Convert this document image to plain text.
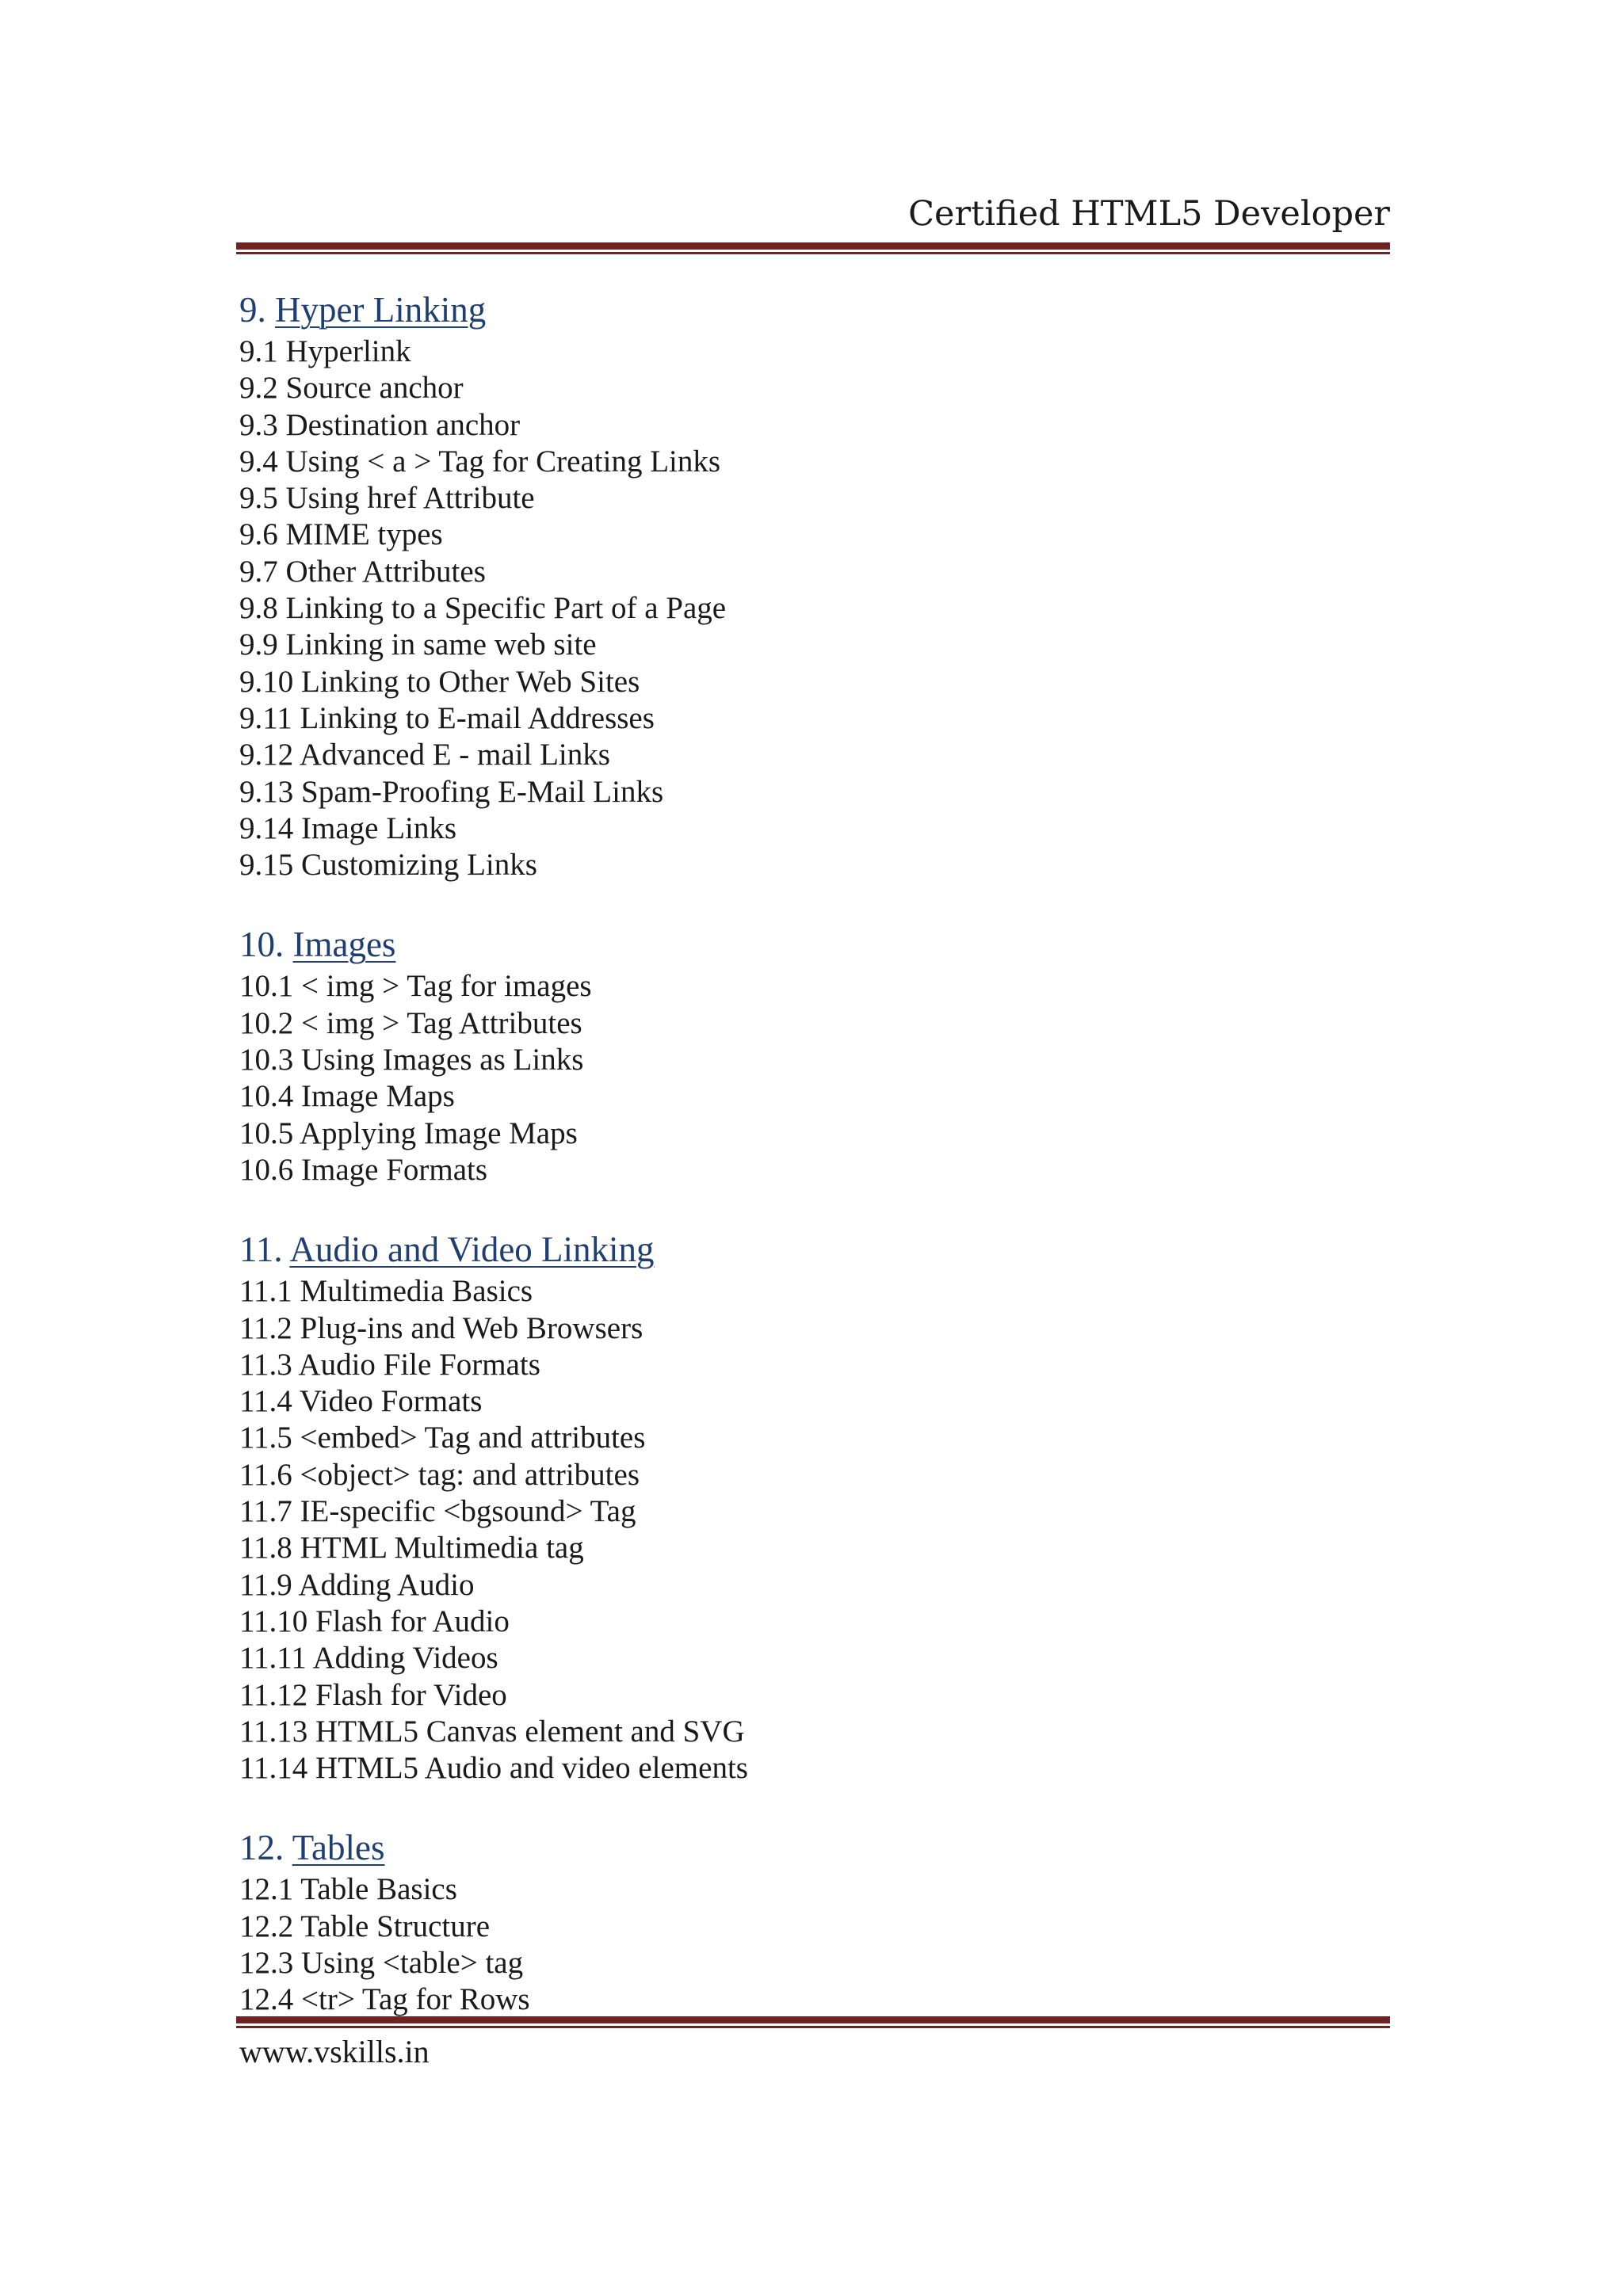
Certified HTML5 Developer
9. Hyper Linking
9.1 Hyperlink
9.2 Source anchor
9.3 Destination anchor
9.4 Using < a > Tag for Creating Links
9.5 Using href Attribute
9.6 MIME types
9.7 Other Attributes
9.8 Linking to a Specific Part of a Page
9.9 Linking in same web site
9.10 Linking to Other Web Sites
9.11 Linking to E-mail Addresses
9.12 Advanced E - mail Links
9.13 Spam-Proofing E-Mail Links
9.14 Image Links
9.15 Customizing Links
10. Images
10.1 < img > Tag for images
10.2 < img > Tag Attributes
10.3 Using Images as Links
10.4 Image Maps
10.5 Applying Image Maps
10.6 Image Formats
11. Audio and Video Linking
11.1 Multimedia Basics
11.2 Plug-ins and Web Browsers
11.3 Audio File Formats
11.4 Video Formats
11.5 <embed> Tag and attributes
11.6 <object> tag: and attributes
11.7 IE-specific <bgsound> Tag
11.8 HTML Multimedia tag
11.9 Adding Audio
11.10 Flash for Audio
11.11 Adding Videos
11.12 Flash for Video
11.13 HTML5 Canvas element and SVG
11.14 HTML5 Audio and video elements
12. Tables
12.1 Table Basics
12.2 Table Structure
12.3 Using <table> tag
12.4 <tr> Tag for Rows
www.vskills.in
